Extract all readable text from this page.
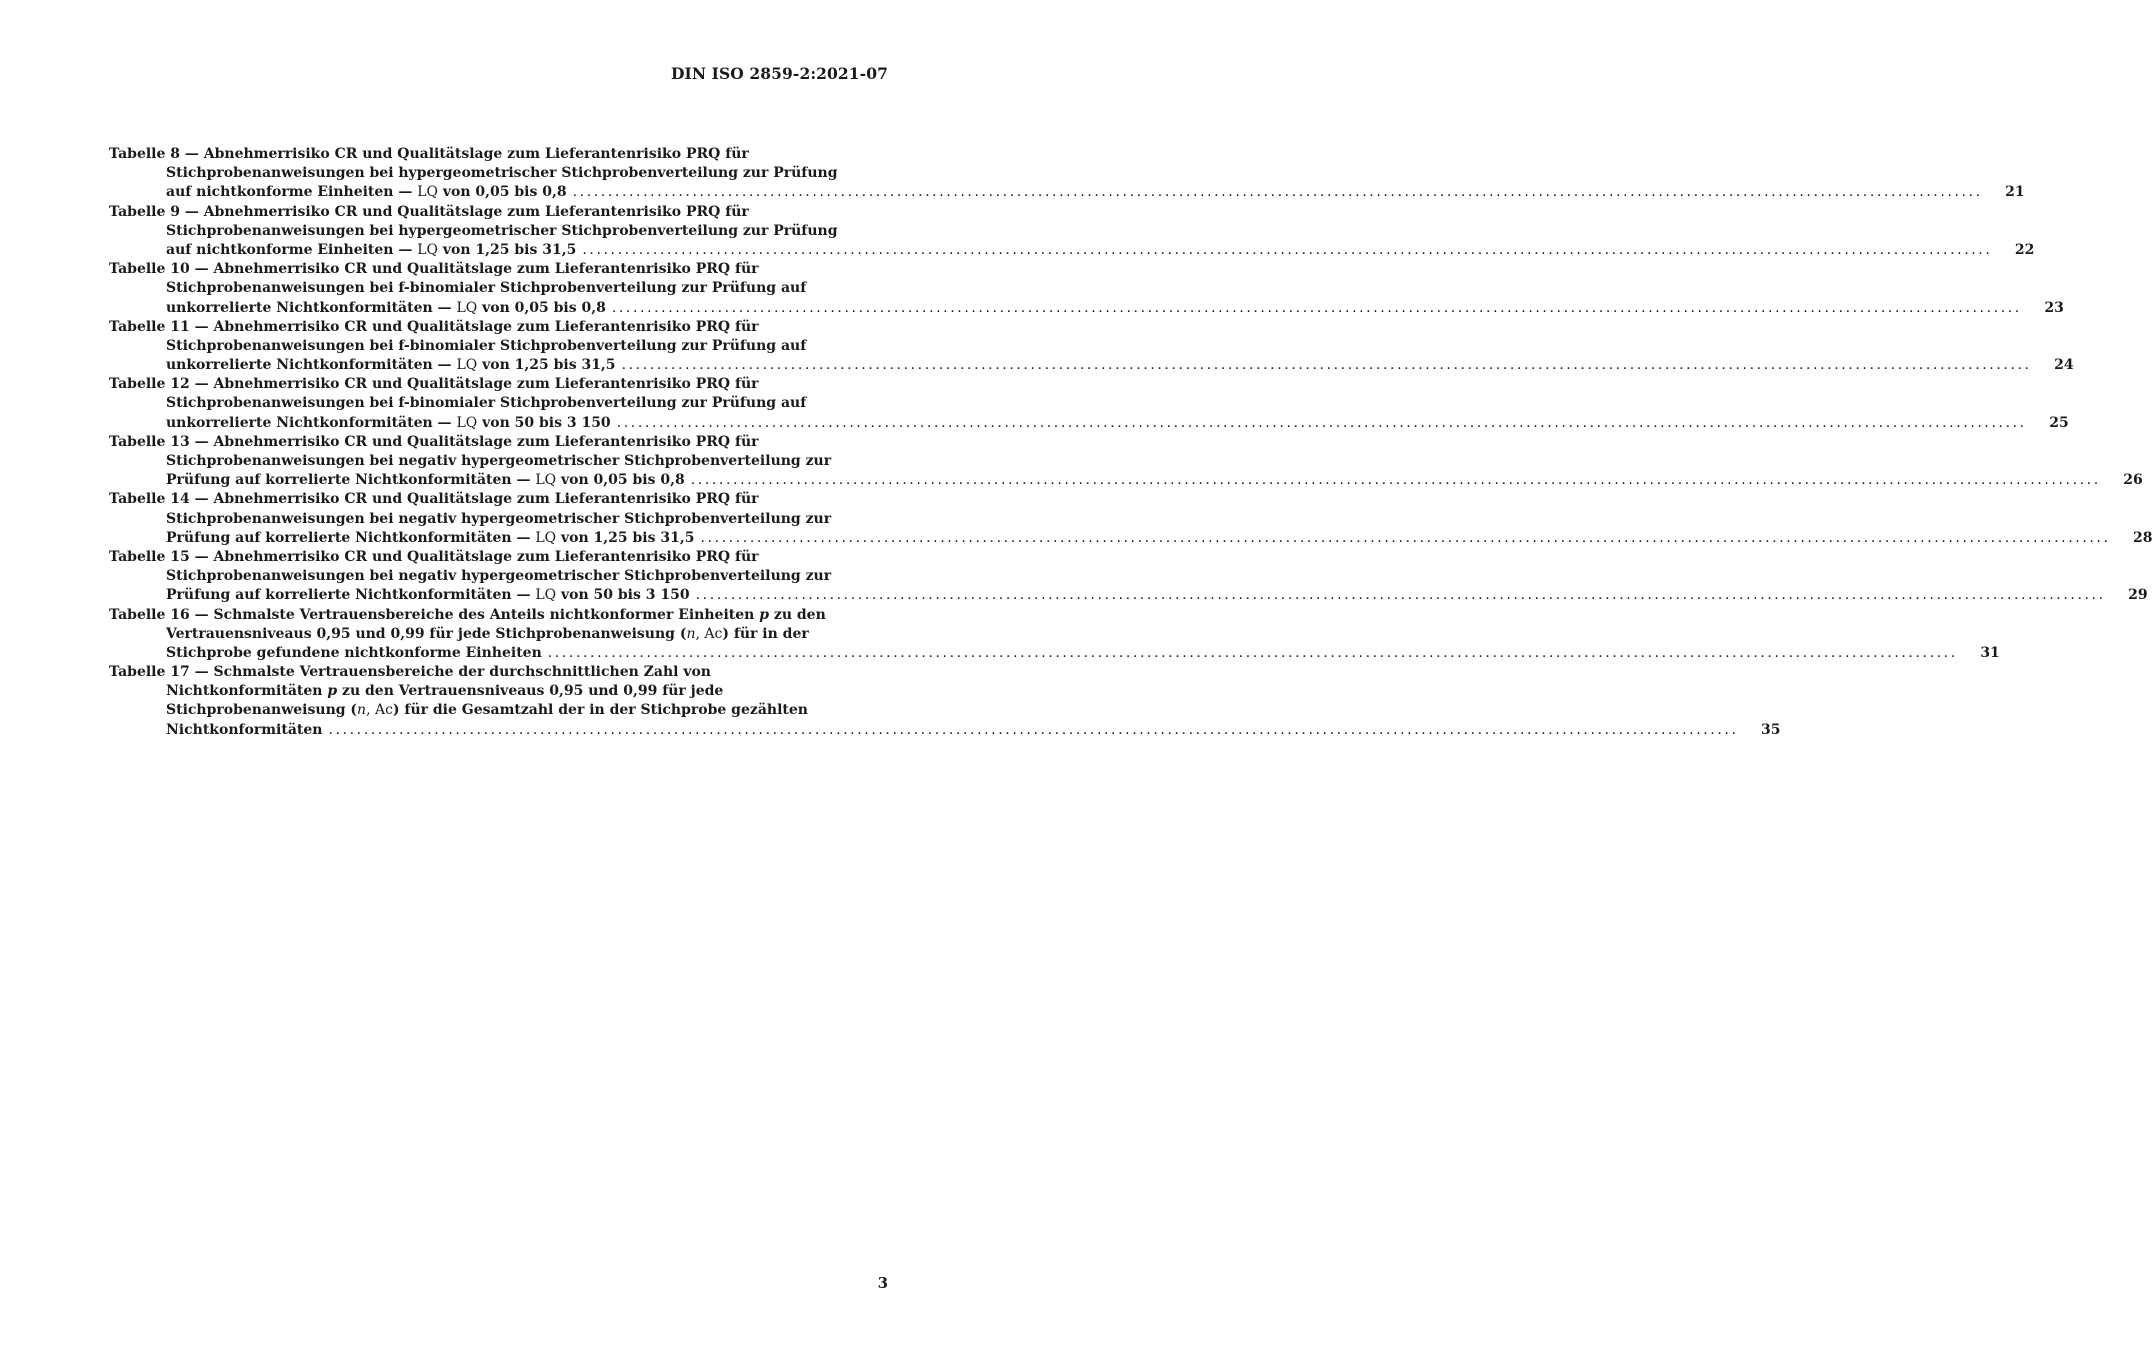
DIN ISO 2859-2:2021-07
Tabelle 8 — Abnehmerrisiko CR und Qualitätslage zum Lieferantenrisiko PRQ für
Stichprobenanweisungen bei hypergeometrischer Stichprobenverteilung zur Prüfung
auf nichtkonforme Einheiten — LQ von 0,05 bis 0,8 ........................................................................................................................................................................................................	21
Tabelle 9 — Abnehmerrisiko CR und Qualitätslage zum Lieferantenrisiko PRQ für
Stichprobenanweisungen bei hypergeometrischer Stichprobenverteilung zur Prüfung
auf nichtkonforme Einheiten — LQ von 1,25 bis 31,5 ........................................................................................................................................................................................................	22
Tabelle 10 — Abnehmerrisiko CR und Qualitätslage zum Lieferantenrisiko PRQ für
Stichprobenanweisungen bei f-binomialer Stichprobenverteilung zur Prüfung auf
unkorrelierte Nichtkonformitäten — LQ von 0,05 bis 0,8 ........................................................................................................................................................................................................	23
Tabelle 11 — Abnehmerrisiko CR und Qualitätslage zum Lieferantenrisiko PRQ für
Stichprobenanweisungen bei f-binomialer Stichprobenverteilung zur Prüfung auf
unkorrelierte Nichtkonformitäten — LQ von 1,25 bis 31,5 ........................................................................................................................................................................................................	24
Tabelle 12 — Abnehmerrisiko CR und Qualitätslage zum Lieferantenrisiko PRQ für
Stichprobenanweisungen bei f-binomialer Stichprobenverteilung zur Prüfung auf
unkorrelierte Nichtkonformitäten — LQ von 50 bis 3 150 ........................................................................................................................................................................................................	25
Tabelle 13 — Abnehmerrisiko CR und Qualitätslage zum Lieferantenrisiko PRQ für
Stichprobenanweisungen bei negativ hypergeometrischer Stichprobenverteilung zur
Prüfung auf korrelierte Nichtkonformitäten — LQ von 0,05 bis 0,8 ........................................................................................................................................................................................................	26
Tabelle 14 — Abnehmerrisiko CR und Qualitätslage zum Lieferantenrisiko PRQ für
Stichprobenanweisungen bei negativ hypergeometrischer Stichprobenverteilung zur
Prüfung auf korrelierte Nichtkonformitäten — LQ von 1,25 bis 31,5 ........................................................................................................................................................................................................	28
Tabelle 15 — Abnehmerrisiko CR und Qualitätslage zum Lieferantenrisiko PRQ für
Stichprobenanweisungen bei negativ hypergeometrischer Stichprobenverteilung zur
Prüfung auf korrelierte Nichtkonformitäten — LQ von 50 bis 3 150 ........................................................................................................................................................................................................	29
Tabelle 16 — Schmalste Vertrauensbereiche des Anteils nichtkonformer Einheiten p zu den
Vertrauensniveaus 0,95 und 0,99 für jede Stichprobenanweisung (n, Ac) für in der
Stichprobe gefundene nichtkonforme Einheiten ........................................................................................................................................................................................................	31
Tabelle 17 — Schmalste Vertrauensbereiche der durchschnittlichen Zahl von
Nichtkonformitäten p zu den Vertrauensniveaus 0,95 und 0,99 für jede
Stichprobenanweisung (n, Ac) für die Gesamtzahl der in der Stichprobe gezählten
Nichtkonformitäten ........................................................................................................................................................................................................	35
3
